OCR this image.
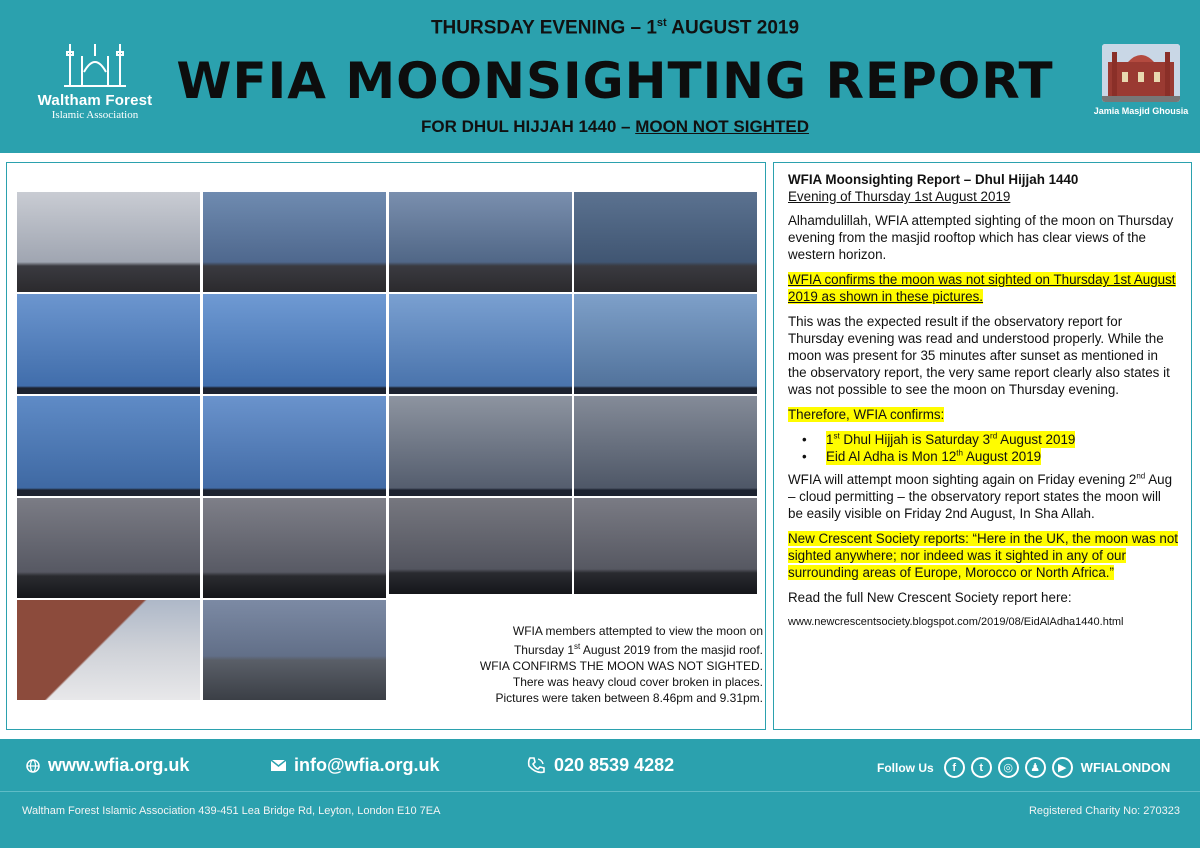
Waltham Forest
Islamic Association
THURSDAY EVENING – 1st AUGUST 2019
WFIA MOONSIGHTING REPORT
FOR DHUL HIJJAH 1440 – MOON NOT SIGHTED
Jamia Masjid Ghousia
WFIA members attempted to view the moon on
Thursday 1st August 2019 from the masjid roof.
WFIA CONFIRMS THE MOON WAS NOT SIGHTED.
There was heavy cloud cover broken in places.
Pictures were taken between 8.46pm and 9.31pm.
WFIA Moonsighting Report – Dhul Hijjah 1440
Evening of Thursday 1st August 2019

Alhamdulillah, WFIA attempted sighting of the moon on Thursday evening from the masjid rooftop which has clear views of the western horizon.

WFIA confirms the moon was not sighted on Thursday 1st August 2019 as shown in these pictures.

This was the expected result if the observatory report for Thursday evening was read and understood properly. While the moon was present for 35 minutes after sunset as mentioned in the observatory report, the very same report clearly also states it was not possible to see the moon on Thursday evening.

Therefore, WFIA confirms:

• 1st Dhul Hijjah is Saturday 3rd August 2019
• Eid Al Adha is Mon 12th August 2019

WFIA will attempt moon sighting again on Friday evening 2nd Aug – cloud permitting – the observatory report states the moon will be easily visible on Friday 2nd August, In Sha Allah.

New Crescent Society reports: “Here in the UK, the moon was not sighted anywhere; nor indeed was it sighted in any of our surrounding areas of Europe, Morocco or North Africa.”

Read the full New Crescent Society report here:

www.newcrescentsociety.blogspot.com/2019/08/EidAlAdha1440.html
www.wfia.org.uk	info@wfia.org.uk	020 8539 4282	Follow Us	f	t	◎	♟	▶	WFIALONDON
Waltham Forest Islamic Association 439-451 Lea Bridge Rd, Leyton, London E10 7EA	Registered Charity No: 270323
